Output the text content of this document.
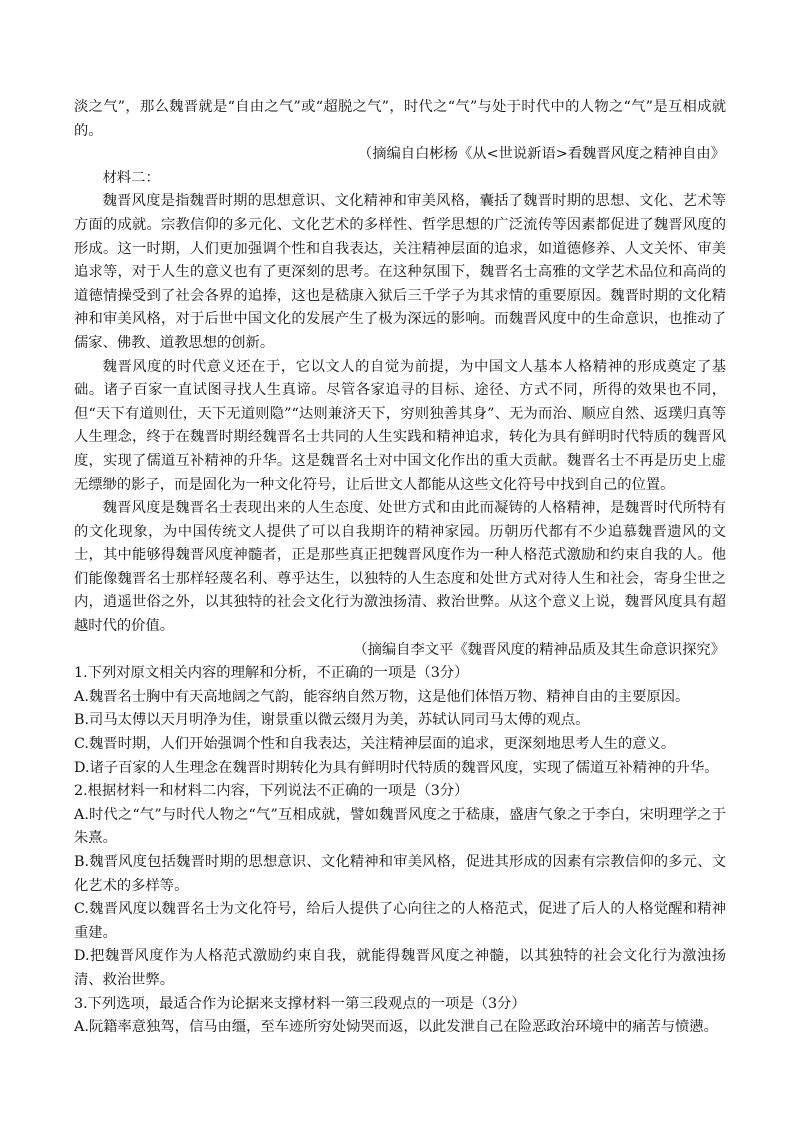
淡之气”，那么魏晋就是“自由之气”或“超脱之气”，时代之“气”与处于时代中的人物之“气”是互相成就的。

（摘编自白彬杨《从<世说新语>看魏晋风度之精神自由》

材料二：

魏晋风度是指魏晋时期的思想意识、文化精神和审美风格，囊括了魏晋时期的思想、文化、艺术等方面的成就。宗教信仰的多元化、文化艺术的多样性、哲学思想的广泛流传等因素都促进了魏晋风度的形成。这一时期，人们更加强调个性和自我表达，关注精神层面的追求，如道德修养、人文关怀、审美追求等，对于人生的意义也有了更深刻的思考。在这种氛围下，魏晋名士高雅的文学艺术品位和高尚的道德情操受到了社会各界的追捧，这也是嵇康入狱后三千学子为其求情的重要原因。魏晋时期的文化精神和审美风格，对于后世中国文化的发展产生了极为深远的影响。而魏晋风度中的生命意识，也推动了儒家、佛教、道教思想的创新。

魏晋风度的时代意义还在于，它以文人的自觉为前提，为中国文人基本人格精神的形成奠定了基础。诸子百家一直试图寻找人生真谛。尽管各家追寻的目标、途径、方式不同，所得的效果也不同，但“天下有道则仕，天下无道则隐”“达则兼济天下，穷则独善其身”、无为而治、顺应自然、返璞归真等人生理念，终于在魏晋时期经魏晋名士共同的人生实践和精神追求，转化为具有鲜明时代特质的魏晋风度，实现了儒道互补精神的升华。这是魏晋名士对中国文化作出的重大贡献。魏晋名士不再是历史上虚无缥缈的影子，而是固化为一种文化符号，让后世文人都能从这些文化符号中找到自己的位置。

魏晋风度是魏晋名士表现出来的人生态度、处世方式和由此而凝铸的人格精神，是魏晋时代所特有的文化现象，为中国传统文人提供了可以自我期许的精神家园。历朝历代都有不少追慕魏晋遗风的文士，其中能够得魏晋风度神髓者，正是那些真正把魏晋风度作为一种人格范式激励和约束自我的人。他们能像魏晋名士那样轻蔑名利、尊乎达生，以独特的人生态度和处世方式对待人生和社会，寄身尘世之内，逍遥世俗之外，以其独特的社会文化行为激浊扬清、救治世弊。从这个意义上说，魏晋风度具有超越时代的价值。

（摘编自李文平《魏晋风度的精神品质及其生命意识探究》

1.下列对原文相关内容的理解和分析，不正确的一项是（3分）

A.魏晋名士胸中有天高地阔之气韵，能容纳自然万物，这是他们体悟万物、精神自由的主要原因。

B.司马太傅以天月明净为佳，谢景重以微云缀月为美，苏轼认同司马太傅的观点。

C.魏晋时期，人们开始强调个性和自我表达，关注精神层面的追求，更深刻地思考人生的意义。

D.诸子百家的人生理念在魏晋时期转化为具有鲜明时代特质的魏晋风度，实现了儒道互补精神的升华。

2.根据材料一和材料二内容，下列说法不正确的一项是（3分）

A.时代之“气”与时代人物之“气”互相成就，譬如魏晋风度之于嵇康，盛唐气象之于李白，宋明理学之于朱熹。

B.魏晋风度包括魏晋时期的思想意识、文化精神和审美风格，促进其形成的因素有宗教信仰的多元、文化艺术的多样等。

C.魏晋风度以魏晋名士为文化符号，给后人提供了心向往之的人格范式，促进了后人的人格觉醒和精神重建。

D.把魏晋风度作为人格范式激励约束自我，就能得魏晋风度之神髓，以其独特的社会文化行为激浊扬清、救治世弊。

3.下列选项，最适合作为论据来支撑材料一第三段观点的一项是（3分）

A.阮籍率意独驾，信马由缰，至车迹所穷处恸哭而返，以此发泄自己在险恶政治环境中的痛苦与愤懑。
